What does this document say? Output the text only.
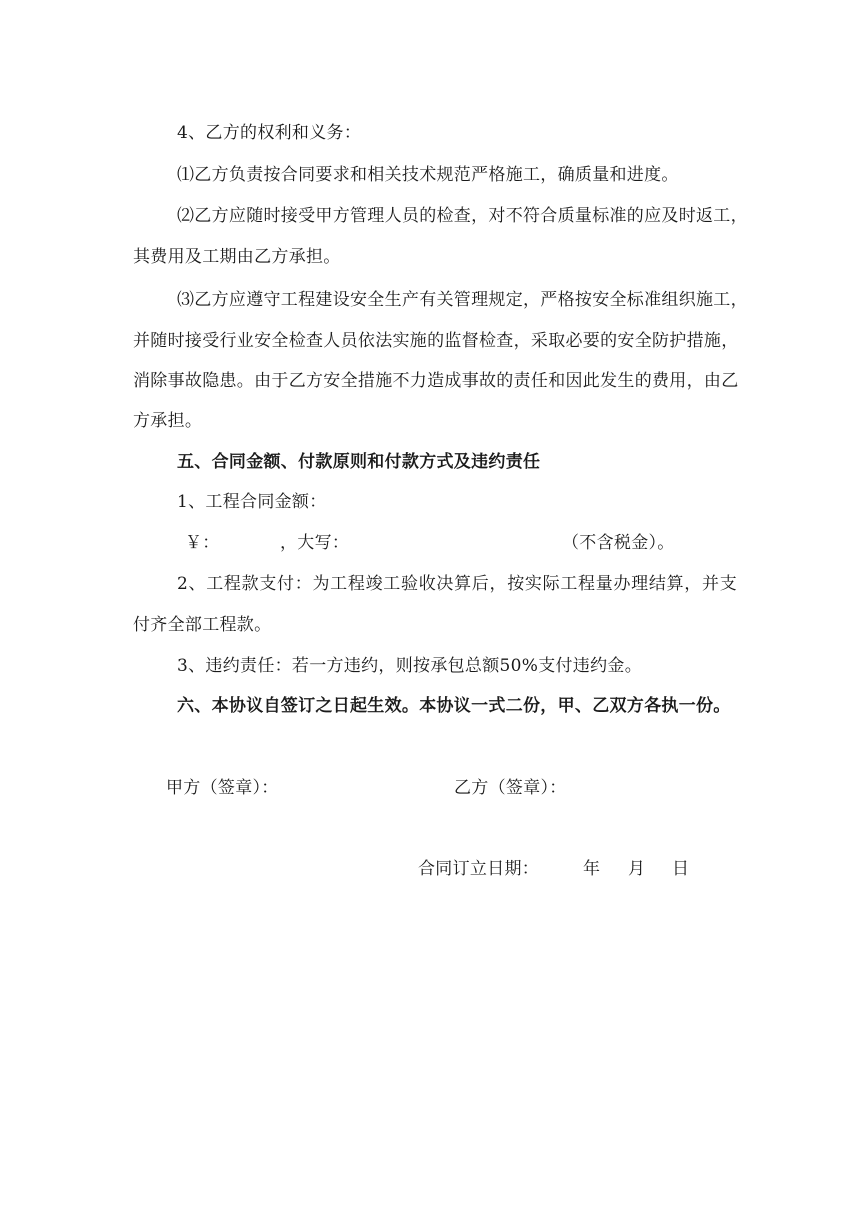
4、乙方的权利和义务：
⑴乙方负责按合同要求和相关技术规范严格施工，确质量和进度。
⑵乙方应随时接受甲方管理人员的检查，对不符合质量标准的应及时返工，
其费用及工期由乙方承担。
⑶乙方应遵守工程建设安全生产有关管理规定，严格按安全标准组织施工，
并随时接受行业安全检查人员依法实施的监督检查，采取必要的安全防护措施，
消除事故隐患。由于乙方安全措施不力造成事故的责任和因此发生的费用，由乙
方承担。
五、合同金额、付款原则和付款方式及违约责任
1、工程合同金额：
￥：	，大写：	（不含税金）。
2、工程款支付：为工程竣工验收决算后，按实际工程量办理结算，并支
付齐全部工程款。
3、违约责任：若一方违约，则按承包总额50%支付违约金。
六、本协议自签订之日起生效。本协议一式二份，甲、乙双方各执一份。
甲方（签章）：	乙方（签章）：
合同订立日期：	年 月 日
